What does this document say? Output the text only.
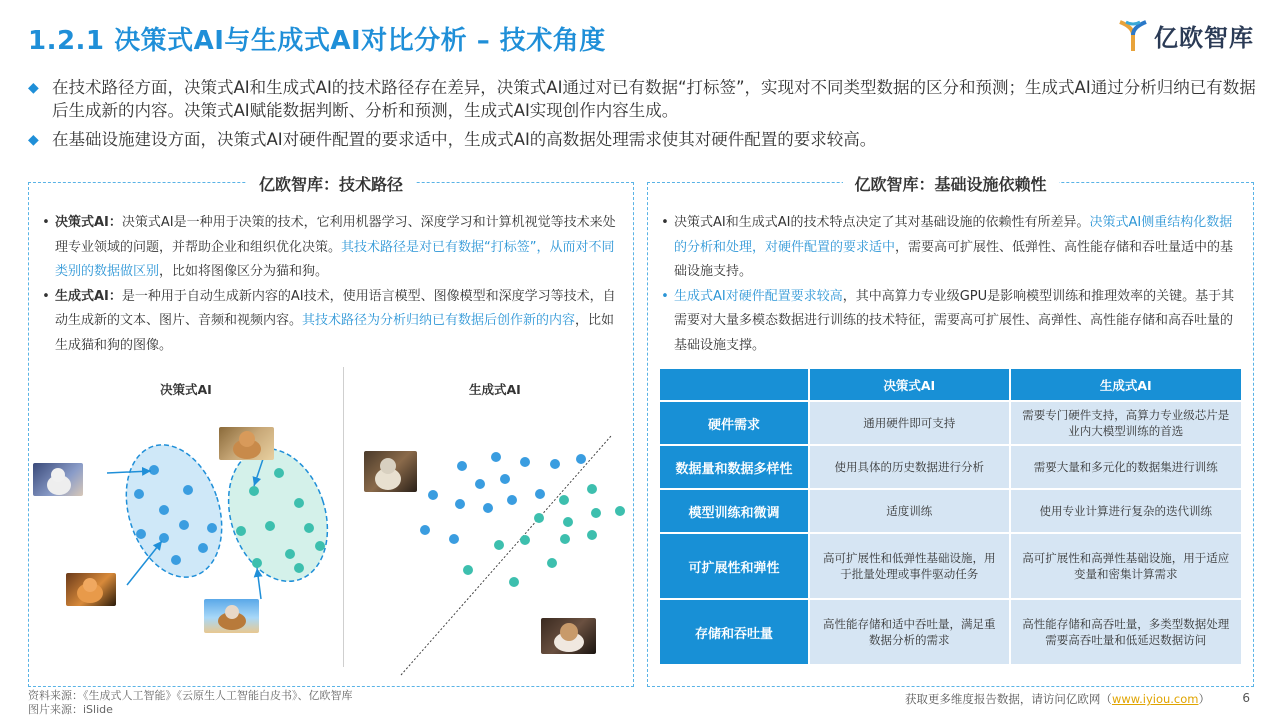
1.2.1 决策式AI与生成式AI对比分析 – 技术角度	亿欧智库
◆ 在技术路径方面，决策式AI和生成式AI的技术路径存在差异，决策式AI通过对已有数据“打标签”，实现对不同类型数据的区分和预测；生成式AI通过分析归纳已有数据后生成新的内容。决策式AI赋能数据判断、分析和预测，生成式AI实现创作内容生成。
◆ 在基础设施建设方面，决策式AI对硬件配置的要求适中，生成式AI的高数据处理需求使其对硬件配置的要求较高。
亿欧智库：技术路径
• 决策式AI：决策式AI是一种用于决策的技术，它利用机器学习、深度学习和计算机视觉等技术来处理专业领域的问题，并帮助企业和组织优化决策。其技术路径是对已有数据“打标签”，从而对不同类别的数据做区别，比如将图像区分为猫和狗。
• 生成式AI：是一种用于自动生成新内容的AI技术，使用语言模型、图像模型和深度学习等技术，自动生成新的文本、图片、音频和视频内容。其技术路径为分析归纳已有数据后创作新的内容，比如生成猫和狗的图像。
决策式AI	生成式AI
亿欧智库：基础设施依赖性
• 决策式AI和生成式AI的技术特点决定了其对基础设施的依赖性有所差异。决策式AI侧重结构化数据的分析和处理，对硬件配置的要求适中，需要高可扩展性、低弹性、高性能存储和吞吐量适中的基础设施支持。
• 生成式AI对硬件配置要求较高，其中高算力专业级GPU是影响模型训练和推理效率的关键。基于其需要对大量多模态数据进行训练的技术特征，需要高可扩展性、高弹性、高性能存储和高吞吐量的基础设施支撑。
	决策式AI	生成式AI
硬件需求	通用硬件即可支持	需要专门硬件支持，高算力专业级芯片是业内大模型训练的首选
数据量和数据多样性	使用具体的历史数据进行分析	需要大量和多元化的数据集进行训练
模型训练和微调	适度训练	使用专业计算进行复杂的迭代训练
可扩展性和弹性	高可扩展性和低弹性基础设施，用于批量处理或事件驱动任务	高可扩展性和高弹性基础设施，用于适应变量和密集计算需求
存储和吞吐量	高性能存储和适中吞吐量，满足重数据分析的需求	高性能存储和高吞吐量，多类型数据处理需要高吞吐量和低延迟数据访问
资料来源：《生成式人工智能》《云原生人工智能白皮书》、亿欧智库
图片来源：iSlide
获取更多维度报告数据，请访问亿欧网（www.iyiou.com）	6
